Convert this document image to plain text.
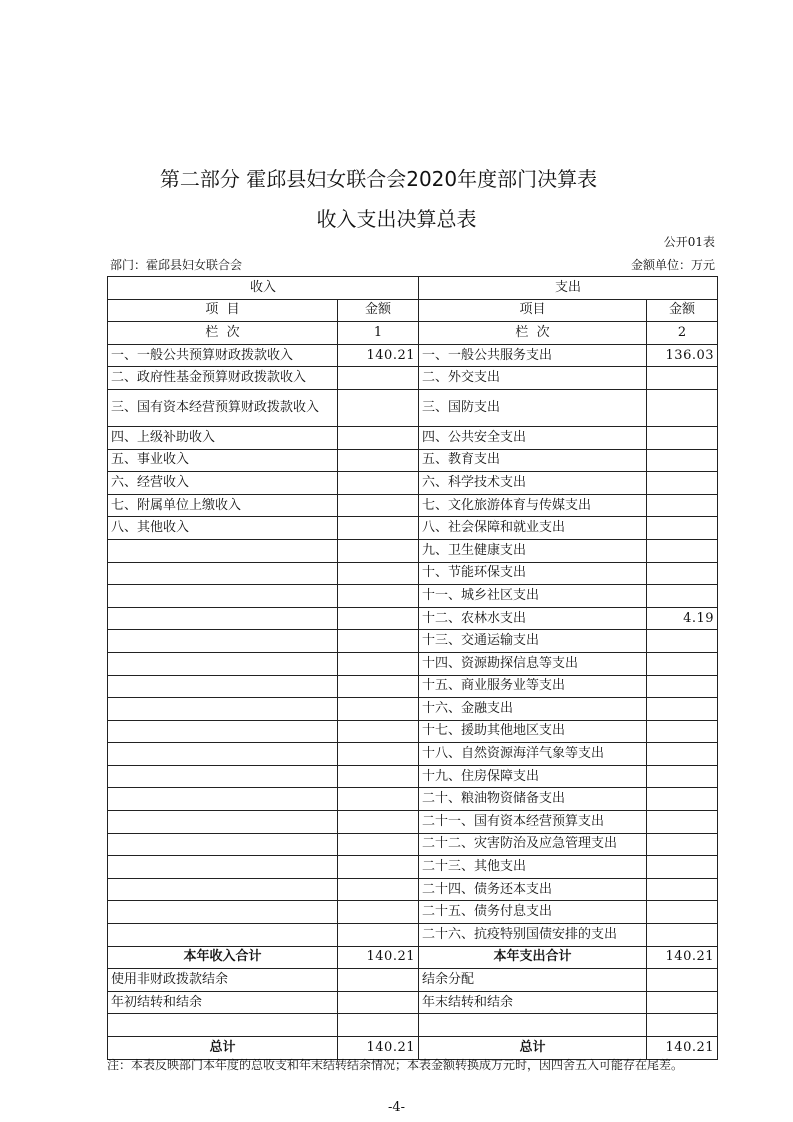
第二部分 霍邱县妇女联合会2020年度部门决算表
收入支出决算总表
公开01表
部门：霍邱县妇女联合会	金额单位：万元
收入		支出	
项  目	金额	项目	金额
栏  次	1	栏  次	2
一、一般公共预算财政拨款收入	140.21	一、一般公共服务支出	136.03
二、政府性基金预算财政拨款收入		二、外交支出	
三、国有资本经营预算财政拨款收入		三、国防支出	
四、上级补助收入		四、公共安全支出	
五、事业收入		五、教育支出	
六、经营收入		六、科学技术支出	
七、附属单位上缴收入		七、文化旅游体育与传媒支出	
八、其他收入		八、社会保障和就业支出	
		九、卫生健康支出	
		十、节能环保支出	
		十一、城乡社区支出	
		十二、农林水支出	4.19
		十三、交通运输支出	
		十四、资源勘探信息等支出	
		十五、商业服务业等支出	
		十六、金融支出	
		十七、援助其他地区支出	
		十八、自然资源海洋气象等支出	
		十九、住房保障支出	
		二十、粮油物资储备支出	
		二十一、国有资本经营预算支出	
		二十二、灾害防治及应急管理支出	
		二十三、其他支出	
		二十四、债务还本支出	
		二十五、债务付息支出	
		二十六、抗疫特别国债安排的支出	
本年收入合计	140.21	本年支出合计	140.21
使用非财政拨款结余		结余分配	
年初结转和结余		年末结转和结余	

总计	140.21	总计	140.21
注：本表反映部门本年度的总收支和年末结转结余情况；本表金额转换成万元时，因四舍五入可能存在尾差。
-4-
